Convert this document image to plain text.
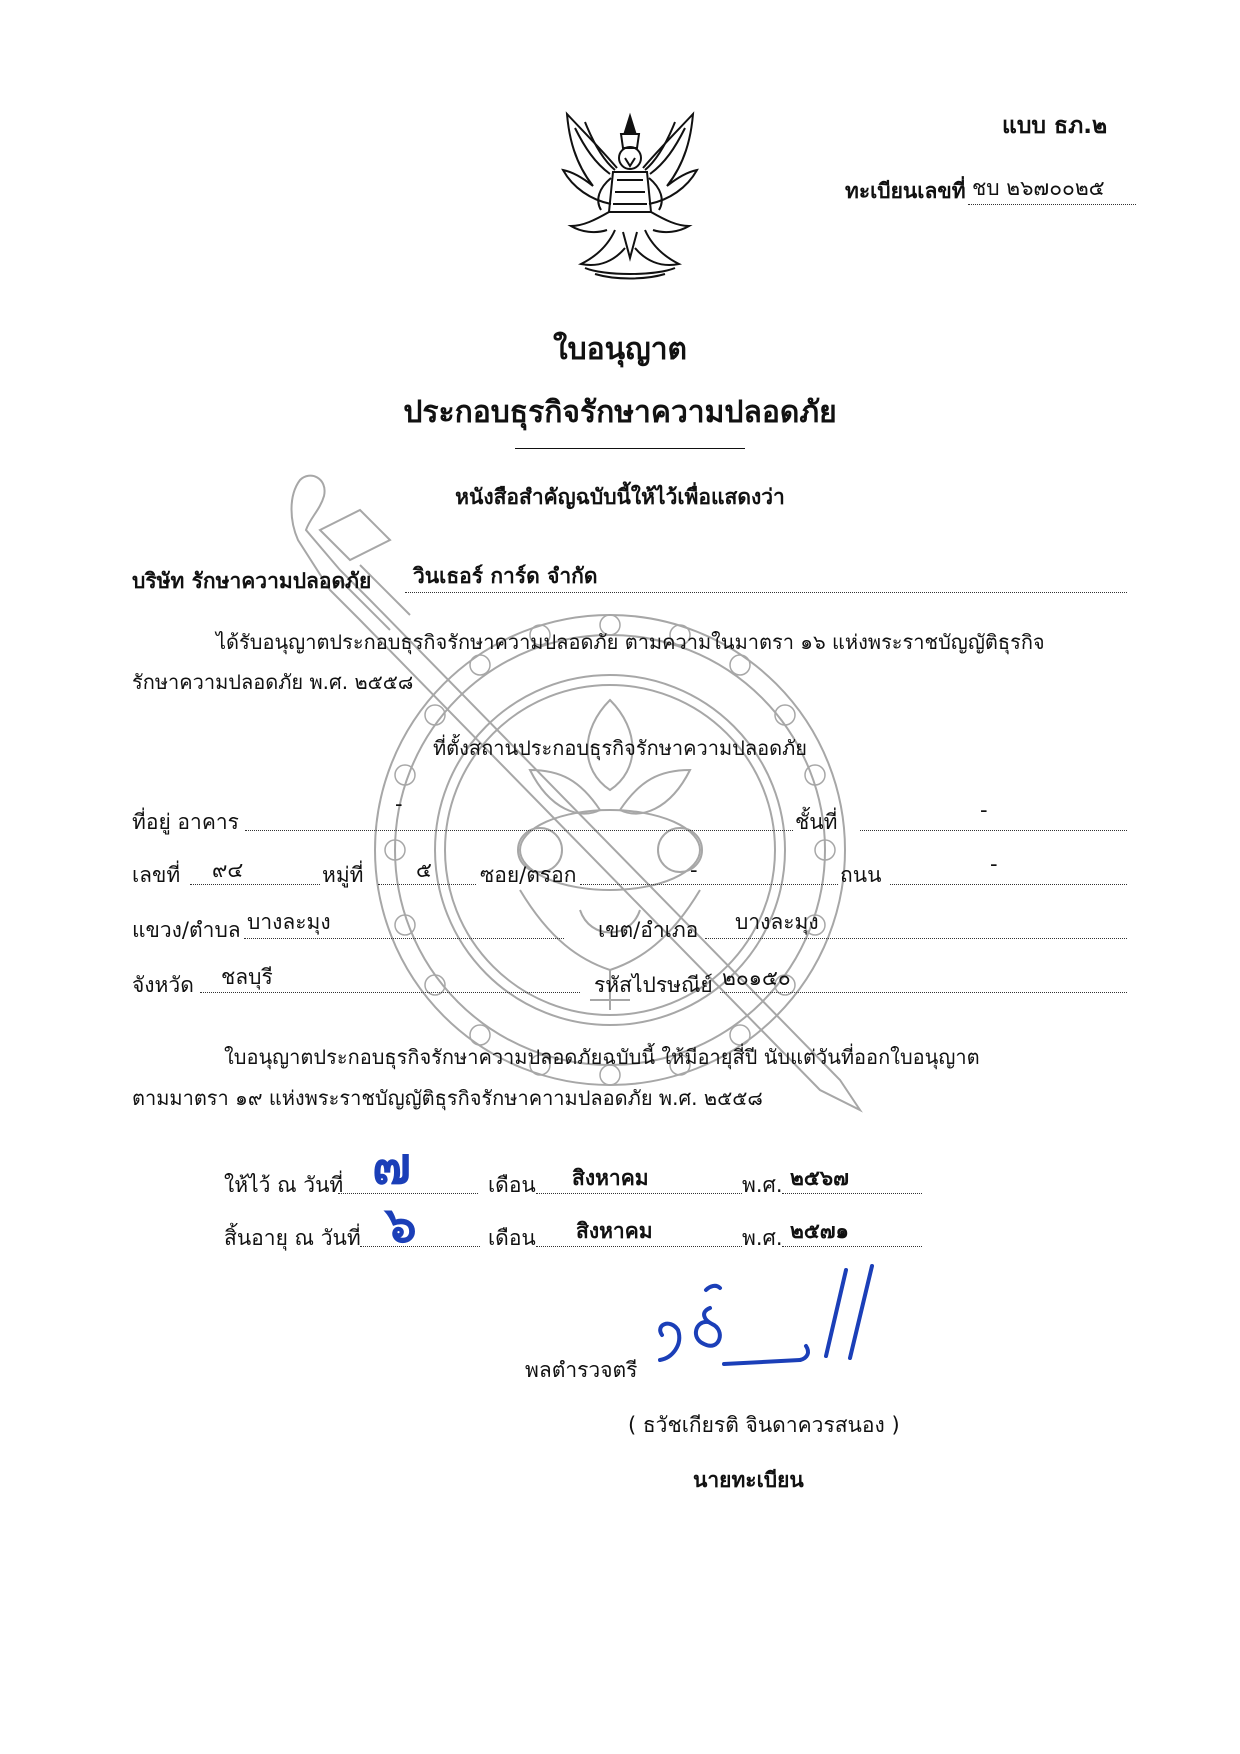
แบบ ธภ.๒
ทะเบียนเลขที่ ชบ ๒๖๗๐๐๒๕
ใบอนุญาต
ประกอบธุรกิจรักษาความปลอดภัย
หนังสือสำคัญฉบับนี้ให้ไว้เพื่อแสดงว่า
บริษัท รักษาความปลอดภัย วินเธอร์ การ์ด จำกัด
ได้รับอนุญาตประกอบธุรกิจรักษาความปลอดภัย ตามความในมาตรา ๑๖ แห่งพระราชบัญญัติธุรกิจ
รักษาความปลอดภัย พ.ศ. ๒๕๕๘
ที่ตั้งสถานประกอบธุรกิจรักษาความปลอดภัย
ที่อยู่ อาคาร
-
ชั้นที่	-
เลขที่ ๙๔	หมู่ที่ ๕ ซอย/ตรอก	-	ถนน	-
แขวง/ตำบล บางละมุง	เขต/อำเภอ บางละมุง
จังหวัด ชลบุรี	รหัสไปรษณีย์ ๒๐๑๕๐
ใบอนุญาตประกอบธุรกิจรักษาความปลอดภัยฉบับนี้ ให้มีอายุสี่ปี นับแต่วันที่ออกใบอนุญาต
ตามมาตรา ๑๙ แห่งพระราชบัญญัติธุรกิจรักษาคาามปลอดภัย พ.ศ. ๒๕๕๘
ให้ไว้ ณ วันที่ ๗	เดือน สิงหาคม	พ.ศ. ๒๕๖๗
สิ้นอายุ ณ วันที่ ๖	เดือน สิงหาคม	พ.ศ. ๒๕๗๑
พลตำรวจตรี
( ธวัชเกียรติ จินดาควรสนอง )
นายทะเบียน
